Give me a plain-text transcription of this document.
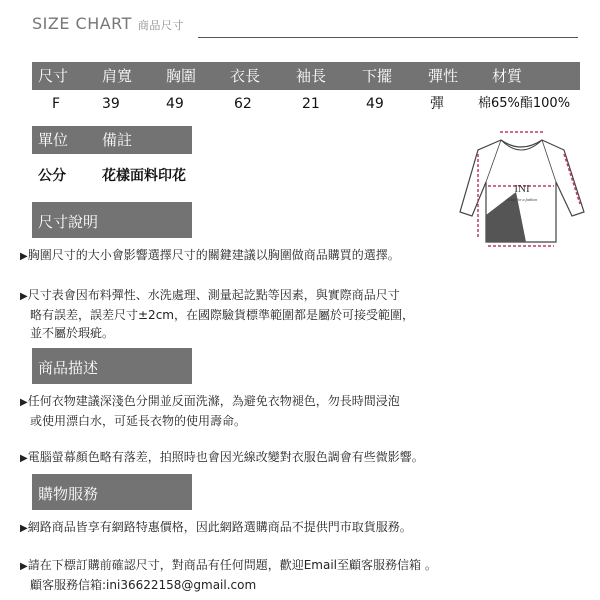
SIZE CHART 商品尺寸
尺寸 肩寬 胸圍 衣長 袖長 下擺 彈性 材質
F	39	49	62	21	49	彈	棉65%酯100%
單位 備註
公分	花樣面料印花
INI
A day for a fashion
尺寸說明
▶胸圍尺寸的大小會影響選擇尺寸的關鍵建議以胸圍做商品購買的選擇。
▶尺寸表會因布料彈性、水洗處理、測量起訖點等因素，與實際商品尺寸
略有誤差，誤差尺寸±2cm，在國際驗貨標準範圍都是屬於可接受範圍，
並不屬於瑕疵。
商品描述
▶任何衣物建議深淺色分開並反面洗滌，為避免衣物褪色，勿長時間浸泡
或使用漂白水，可延長衣物的使用壽命。
▶電腦螢幕顏色略有落差，拍照時也會因光線改變對衣服色調會有些微影響。
購物服務
▶網路商品皆享有網路特惠價格，因此網路選購商品不提供門市取貨服務。
▶請在下標訂購前確認尺寸，對商品有任何問題，歡迎Email至顧客服務信箱 。
顧客服務信箱:ini36622158@gmail.com
